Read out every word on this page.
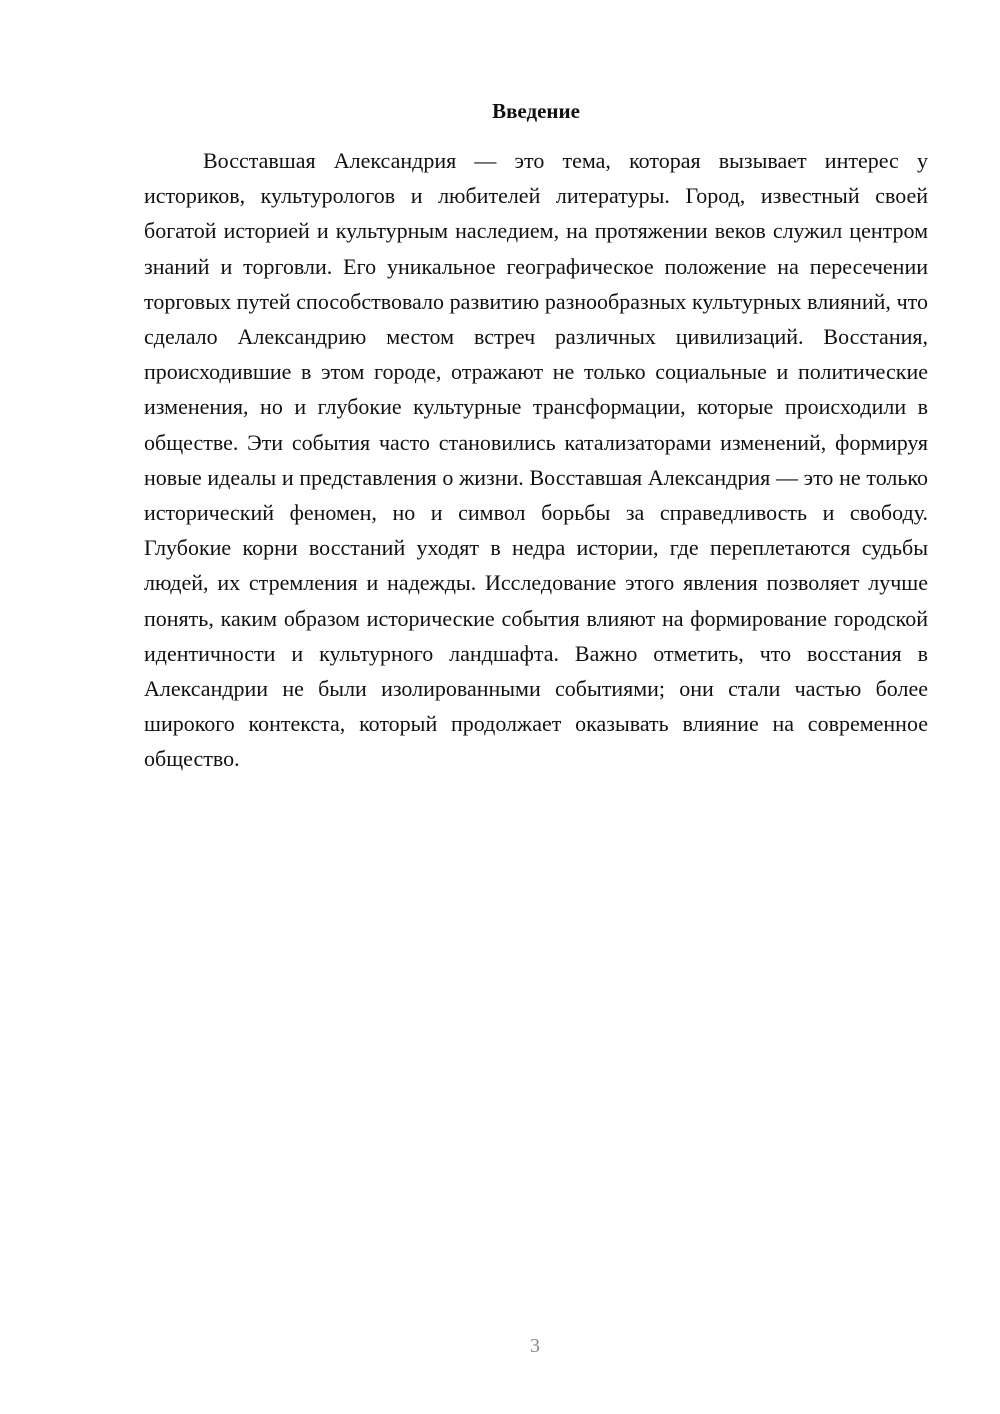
Введение

Восставшая Александрия — это тема, которая вызывает интерес у историков, культурологов и любителей литературы. Город, известный своей богатой историей и культурным наследием, на протяжении веков служил центром знаний и торговли. Его уникальное географическое положение на пересечении торговых путей способствовало развитию разнообразных культурных влияний, что сделало Александрию местом встреч различных цивилизаций. Восстания, происходившие в этом городе, отражают не только социальные и политические изменения, но и глубокие культурные трансформации, которые происходили в обществе. Эти события часто становились катализаторами изменений, формируя новые идеалы и представления о жизни. Восставшая Александрия — это не только исторический феномен, но и символ борьбы за справедливость и свободу. Глубокие корни восстаний уходят в недра истории, где переплетаются судьбы людей, их стремления и надежды. Исследование этого явления позволяет лучше понять, каким образом исторические события влияют на формирование городской идентичности и культурного ландшафта. Важно отметить, что восстания в Александрии не были изолированными событиями; они стали частью более широкого контекста, который продолжает оказывать влияние на современное общество.

3
